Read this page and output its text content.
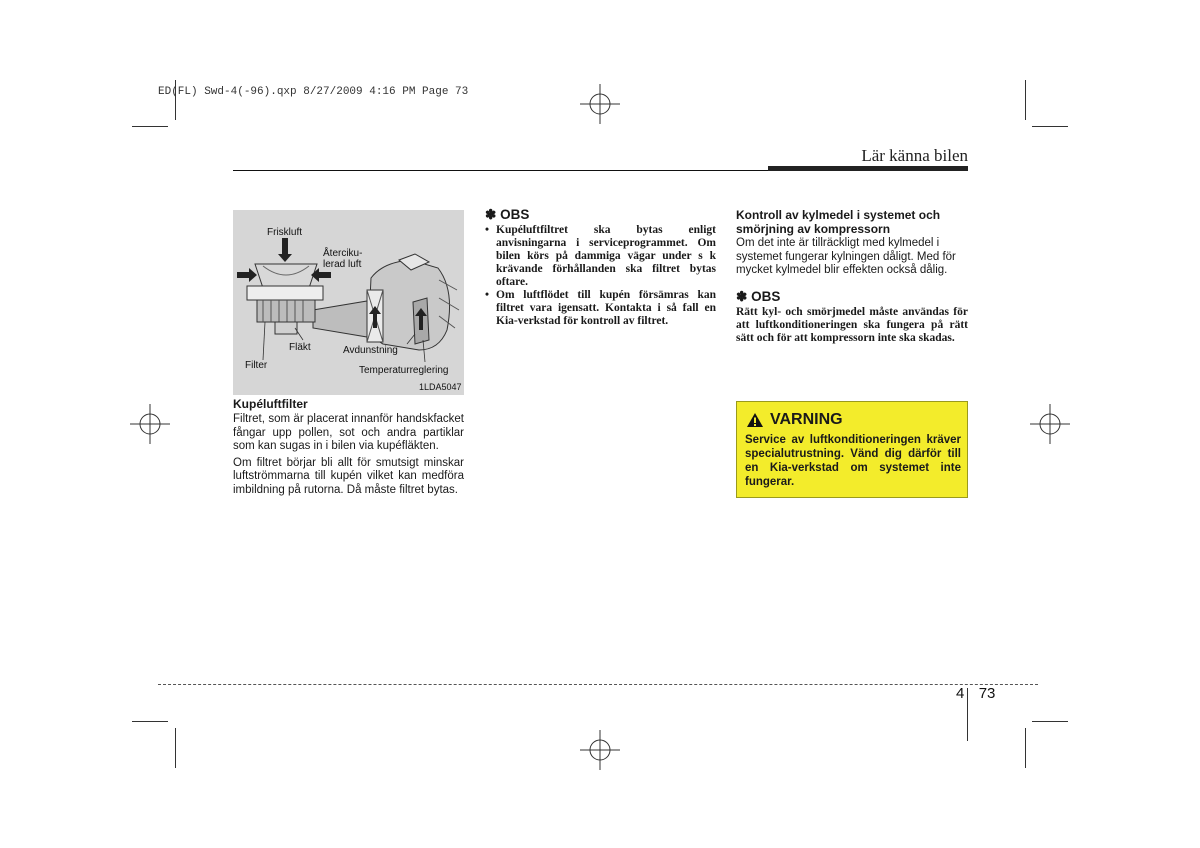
ED(FL) Swd-4(-96).qxp 8/27/2009 4:16 PM Page 73
Lär känna bilen
Friskluft
Återciku-
lerad luft
Fläkt	Avdunstning
Filter	Temperaturreglering
1LDA5047
Kupéluftfilter

Filtret, som är placerat innanför handskfacket fångar upp pollen, sot och andra partiklar som kan sugas in i bilen via kupéfläkten.

Om filtret börjar bli allt för smutsigt minskar luftströmmarna till kupén vilket kan medföra imbildning på rutorna. Då måste filtret bytas.

✽ OBS
• Kupéluftfiltret ska bytas enligt anvisningarna i serviceprogrammet. Om bilen körs på dammiga vägar under s k krävande förhållanden ska filtret bytas oftare.
• Om luftflödet till kupén försämras kan filtret vara igensatt. Kontakta i så fall en Kia-verkstad för kontroll av filtret.
Kontroll av kylmedel i systemet och smörjning av kompressorn

Om det inte är tillräckligt med kylmedel i systemet fungerar kylningen dåligt. Med för mycket kylmedel blir effekten också dålig.

✽ OBS
Rätt kyl- och smörjmedel måste användas för att luftkonditioneringen ska fungera på rätt sätt och för att kompressorn inte ska skadas.
VARNING
Service av luftkonditioneringen kräver specialutrustning. Vänd dig därför till en Kia-verkstad om systemet inte fungerar.
4 73
